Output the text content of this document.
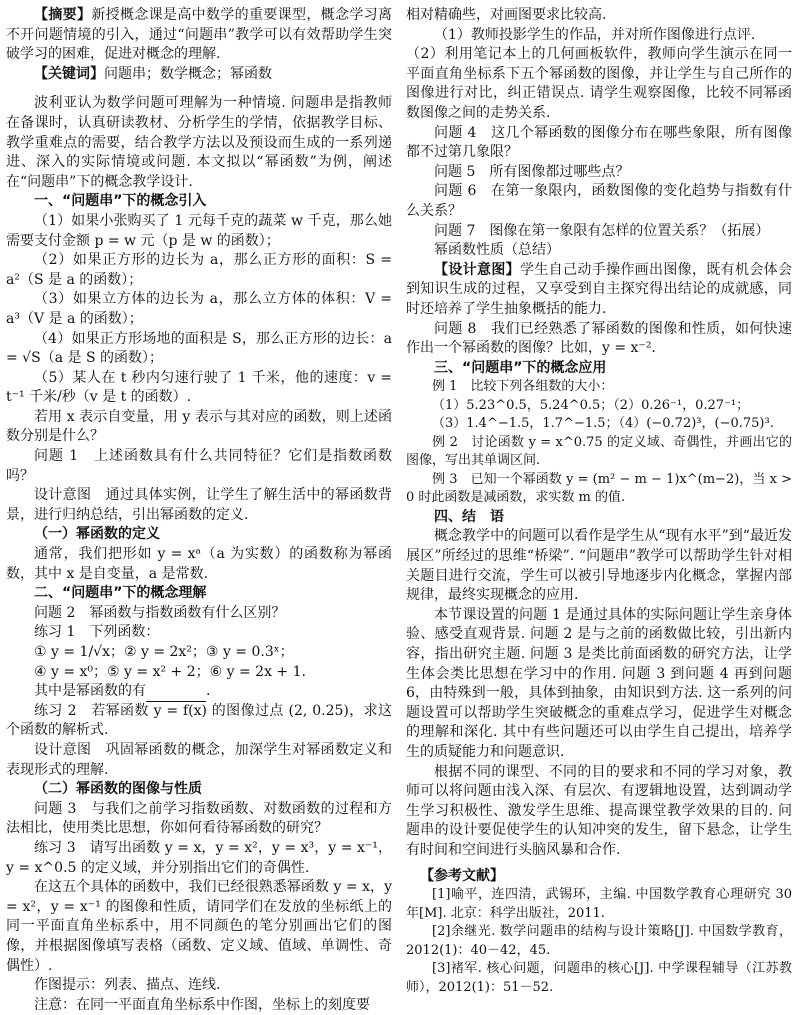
【摘要】新授概念课是高中数学的重要课型，概念学习离不开问题情境的引入，通过“问题串”教学可以有效帮助学生突破学习的困难，促进对概念的理解.

【关键词】问题串；数学概念；幂函数

波利亚认为数学问题可理解为一种情境. 问题串是指教师在备课时，认真研读教材、分析学生的学情，依据教学目标、教学重难点的需要，结合教学方法以及预设而生成的一系列递进、深入的实际情境或问题. 本文拟以“幂函数”为例，阐述在“问题串”下的概念教学设计.

一、“问题串”下的概念引入

（1）如果小张购买了 1 元每千克的蔬菜 w 千克，那么她需要支付金额 p = w 元（p 是 w 的函数）；

（2）如果正方形的边长为 a，那么正方形的面积：S = a²（S 是 a 的函数）；

（3）如果立方体的边长为 a，那么立方体的体积：V = a³（V 是 a 的函数）；

（4）如果正方形场地的面积是 S，那么正方形的边长：a = √S（a 是 S 的函数）；

（5）某人在 t 秒内匀速行驶了 1 千米，他的速度：v = t⁻¹ 千米/秒（v 是 t 的函数）.

若用 x 表示自变量，用 y 表示与其对应的函数，则上述函数分别是什么？

问题 1　上述函数具有什么共同特征？它们是指数函数吗？

设计意图　通过具体实例，让学生了解生活中的幂函数背景，进行归纳总结，引出幂函数的定义.

（一）幂函数的定义

通常，我们把形如 y = xᵃ（a 为实数）的函数称为幂函数，其中 x 是自变量，a 是常数.

二、“问题串”下的概念理解

问题 2　幂函数与指数函数有什么区别？

练习 1　下列函数：

① y = 1/√x；② y = 2x²；③ y = 0.3ˣ；

④ y = x⁰；⑤ y = x² + 2；⑥ y = 2x + 1.

其中是幂函数的有	.

练习 2　若幂函数 y = f(x) 的图像过点 (2, 0.25)，求这个函数的解析式.

设计意图　巩固幂函数的概念，加深学生对幂函数定义和表现形式的理解.

（二）幂函数的图像与性质

问题 3　与我们之前学习指数函数、对数函数的过程和方法相比，使用类比思想，你如何看待幂函数的研究？

练习 3　请写出函数 y = x，y = x²，y = x³，y = x⁻¹，y = x^0.5 的定义域，并分别指出它们的奇偶性.

在这五个具体的函数中，我们已经很熟悉幂函数 y = x，y = x²，y = x⁻¹ 的图像和性质，请同学们在发放的坐标纸上的同一平面直角坐标系中，用不同颜色的笔分别画出它们的图像，并根据图像填写表格（函数、定义域、值域、单调性、奇偶性）.

作图提示：列表、描点、连线.

注意：在同一平面直角坐标系中作图，坐标上的刻度要

相对精确些，对画图要求比较高.

（1）教师投影学生的作品，并对所作图像进行点评.

（2）利用笔记本上的几何画板软件，教师向学生演示在同一平面直角坐标系下五个幂函数的图像，并让学生与自己所作的图像进行对比，纠正错误点. 请学生观察图像，比较不同幂函数图像之间的走势关系.

问题 4　这几个幂函数的图像分布在哪些象限，所有图像都不过第几象限？

问题 5　所有图像都过哪些点？

问题 6　在第一象限内，函数图像的变化趋势与指数有什么关系？

问题 7　图像在第一象限有怎样的位置关系？（拓展）

幂函数性质（总结）

【设计意图】学生自己动手操作画出图像，既有机会体会到知识生成的过程，又享受到自主探究得出结论的成就感，同时还培养了学生抽象概括的能力.

问题 8　我们已经熟悉了幂函数的图像和性质，如何快速作出一个幂函数的图像？比如，y = x⁻².

三、“问题串”下的概念应用

例 1　比较下列各组数的大小：

（1）5.23^0.5，5.24^0.5；（2）0.26⁻¹，0.27⁻¹；

（3）1.4^−1.5，1.7^−1.5；（4）(−0.72)³，(−0.75)³.

例 2　讨论函数 y = x^0.75 的定义域、奇偶性，并画出它的图像，写出其单调区间.

例 3　已知一个幂函数 y = (m² − m − 1)x^(m−2)，当 x > 0 时此函数是减函数，求实数 m 的值.

四、结　语

概念教学中的问题可以看作是学生从“现有水平”到“最近发展区”所经过的思维“桥梁”. “问题串”教学可以帮助学生针对相关题目进行交流，学生可以被引导地逐步内化概念，掌握内部规律，最终实现概念的应用.

本节课设置的问题 1 是通过具体的实际问题让学生亲身体验、感受直观背景. 问题 2 是与之前的函数做比较，引出新内容，指出研究主题. 问题 3 是类比前面函数的研究方法，让学生体会类比思想在学习中的作用. 问题 3 到问题 4 再到问题 6，由特殊到一般，具体到抽象，由知识到方法. 这一系列的问题设置可以帮助学生突破概念的重难点学习，促进学生对概念的理解和深化. 其中有些问题还可以由学生自己提出，培养学生的质疑能力和问题意识.

根据不同的课型、不同的目的要求和不同的学习对象，教师可以将问题由浅入深、有层次、有逻辑地设置，达到调动学生学习积极性、激发学生思维、提高课堂教学效果的目的. 问题串的设计要促使学生的认知冲突的发生，留下悬念，让学生有时间和空间进行头脑风暴和合作.

【参考文献】

[1]喻平，连四清，武锡环，主编. 中国数学教育心理研究 30 年[M]. 北京：科学出版社，2011.

[2]余继光. 数学问题串的结构与设计策略[J]. 中国数学教育，2012(1)：40－42，45.

[3]褚军. 核心问题，问题串的核心[J]. 中学课程辅导（江苏教师），2012(1)：51－52.
